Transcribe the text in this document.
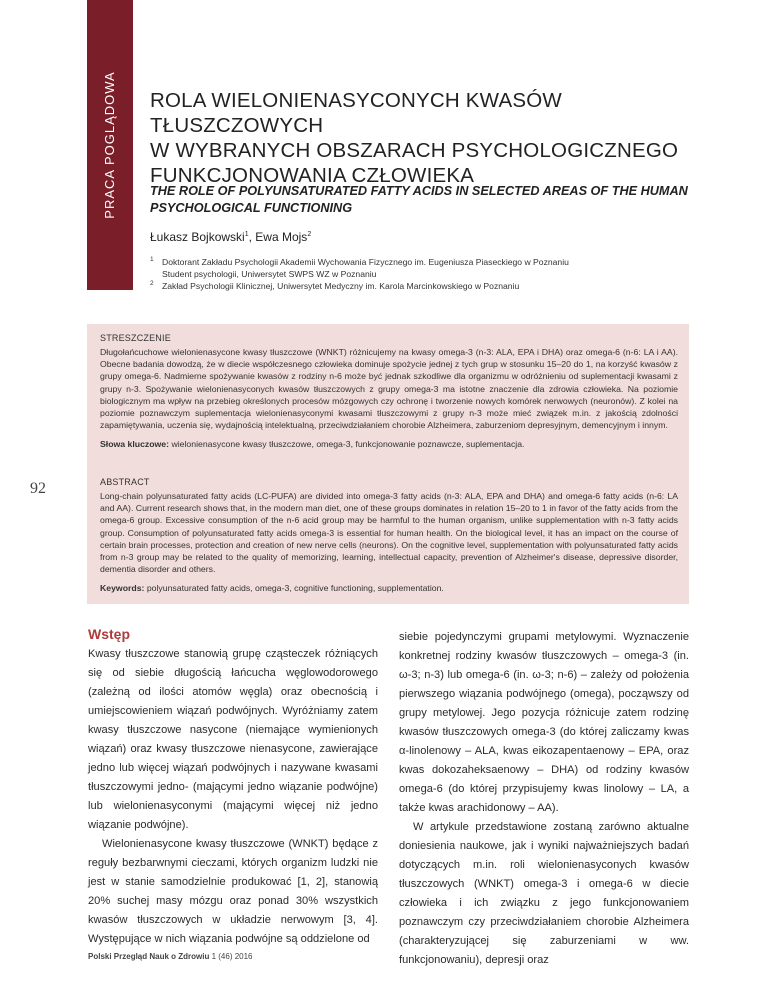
PRACA POGLĄDOWA	ROLA WIELONIENASYCONYCH KWASÓW TŁUSZCZOWYCH
W WYBRANYCH OBSZARACH PSYCHOLOGICZNEGO
FUNKCJONOWANIA CZŁOWIEKA
THE ROLE OF POLYUNSATURATED FATTY ACIDS IN SELECTED AREAS OF THE HUMAN
PSYCHOLOGICAL FUNCTIONING
Łukasz Bojkowski$^1$, Ewa Mojs$^2$
1 Doktorant Zakładu Psychologii Akademii Wychowania Fizycznego im. Eugeniusza Piaseckiego w Poznaniu
Student psychologii, Uniwersytet SWPS WZ w Poznaniu
2 Zakład Psychologii Klinicznej, Uniwersytet Medyczny im. Karola Marcinkowskiego w Poznaniu
STRESZCZENIE

Długołańcuchowe wielonienasycone kwasy tłuszczowe (WNKT) różnicujemy na kwasy omega-3 (n-3: ALA, EPA i DHA) oraz omega-6 (n-6: LA i AA). Obecne badania dowodzą, że w diecie współczesnego człowieka dominuje spożycie jednej z tych grup w stosunku 15–20 do 1, na korzyść kwasów z grupy omega-6. Nadmierne spożywanie kwasów z rodziny n-6 może być jednak szkodliwe dla organizmu w odróżnieniu od suplementacji kwasami z grupy n-3. Spożywanie wielonienasyconych kwasów tłuszczowych z grupy omega-3 ma istotne znaczenie dla zdrowia człowieka. Na poziomie biologicznym ma wpływ na przebieg określonych procesów mózgowych czy ochronę i tworzenie nowych komórek nerwowych (neuronów). Z kolei na poziomie poznawczym suplementacja wielonienasyconymi kwasami tłuszczowymi z grupy n-3 może mieć związek m.in. z jakością zdolności zapamiętywania, uczenia się, wydajnością intelektualną, przeciwdziałaniem chorobie Alzheimera, zaburzeniom depresyjnym, demencyjnym i innym.

Słowa kluczowe: wielonienasycone kwasy tłuszczowe, omega-3, funkcjonowanie poznawcze, suplementacja.
ABSTRACT

Long-chain polyunsaturated fatty acids (LC-PUFA) are divided into omega-3 fatty acids (n-3: ALA, EPA and DHA) and omega-6 fatty acids (n-6: LA and AA). Current research shows that, in the modern man diet, one of these groups dominates in relation 15–20 to 1 in favor of the fatty acids from the omega-6 group. Excessive consumption of the n-6 acid group may be harmful to the human organism, unlike supplementation with n-3 fatty acids group. Consumption of polyunsaturated fatty acids omega-3 is essential for human health. On the biological level, it has an impact on the course of certain brain processes, protection and creation of new nerve cells (neurons). On the cognitive level, supplementation with polyunsaturated fatty acids from n-3 group may be related to the quality of memorizing, learning, intellectual capacity, prevention of Alzheimer's disease, depressive disorder, dementia disorder and others.

Keywords: polyunsaturated fatty acids, omega-3, cognitive functioning, supplementation.
92
Wstęp

Kwasy tłuszczowe stanowią grupę cząsteczek różniących się od siebie długością łańcucha węglowodorowego (zależną od ilości atomów węgla) oraz obecnością i umiejscowieniem wiązań podwójnych. Wyróżniamy zatem kwasy tłuszczowe nasycone (niemające wymienionych wiązań) oraz kwasy tłuszczowe nienasycone, zawierające jedno lub więcej wiązań podwójnych i nazywane kwasami tłuszczowymi jedno- (mającymi jedno wiązanie podwójne) lub wielonienasyconymi (mającymi więcej niż jedno wiązanie podwójne).

Wielonienasycone kwasy tłuszczowe (WNKT) będące z reguły bezbarwnymi cieczami, których organizm ludzki nie jest w stanie samodzielnie produkować [1, 2], stanowią 20% suchej masy mózgu oraz ponad 30% wszystkich kwasów tłuszczowych w układzie nerwowym [3, 4]. Występujące w nich wiązania podwójne są oddzielone od

siebie pojedynczymi grupami metylowymi. Wyznaczenie konkretnej rodziny kwasów tłuszczowych – omega-3 (in. ω-3; n-3) lub omega-6 (in. ω-3; n-6) – zależy od położenia pierwszego wiązania podwójnego (omega), począwszy od grupy metylowej. Jego pozycja różnicuje zatem rodzinę kwasów tłuszczowych omega-3 (do której zaliczamy kwas α-linolenowy – ALA, kwas eikozapentaenowy – EPA, oraz kwas dokozaheksaenowy – DHA) od rodziny kwasów omega-6 (do której przypisujemy kwas linolowy – LA, a także kwas arachidonowy – AA).

W artykule przedstawione zostaną zarówno aktualne doniesienia naukowe, jak i wyniki najważniejszych badań dotyczących m.in. roli wielonienasyconych kwasów tłuszczowych (WNKT) omega-3 i omega-6 w diecie człowieka i ich związku z jego funkcjonowaniem poznawczym czy przeciwdziałaniem chorobie Alzheimera (charakteryzującej się zaburzeniami w ww. funkcjonowaniu), depresji oraz

Polski Przegląd Nauk o Zdrowiu 1 (46) 2016
